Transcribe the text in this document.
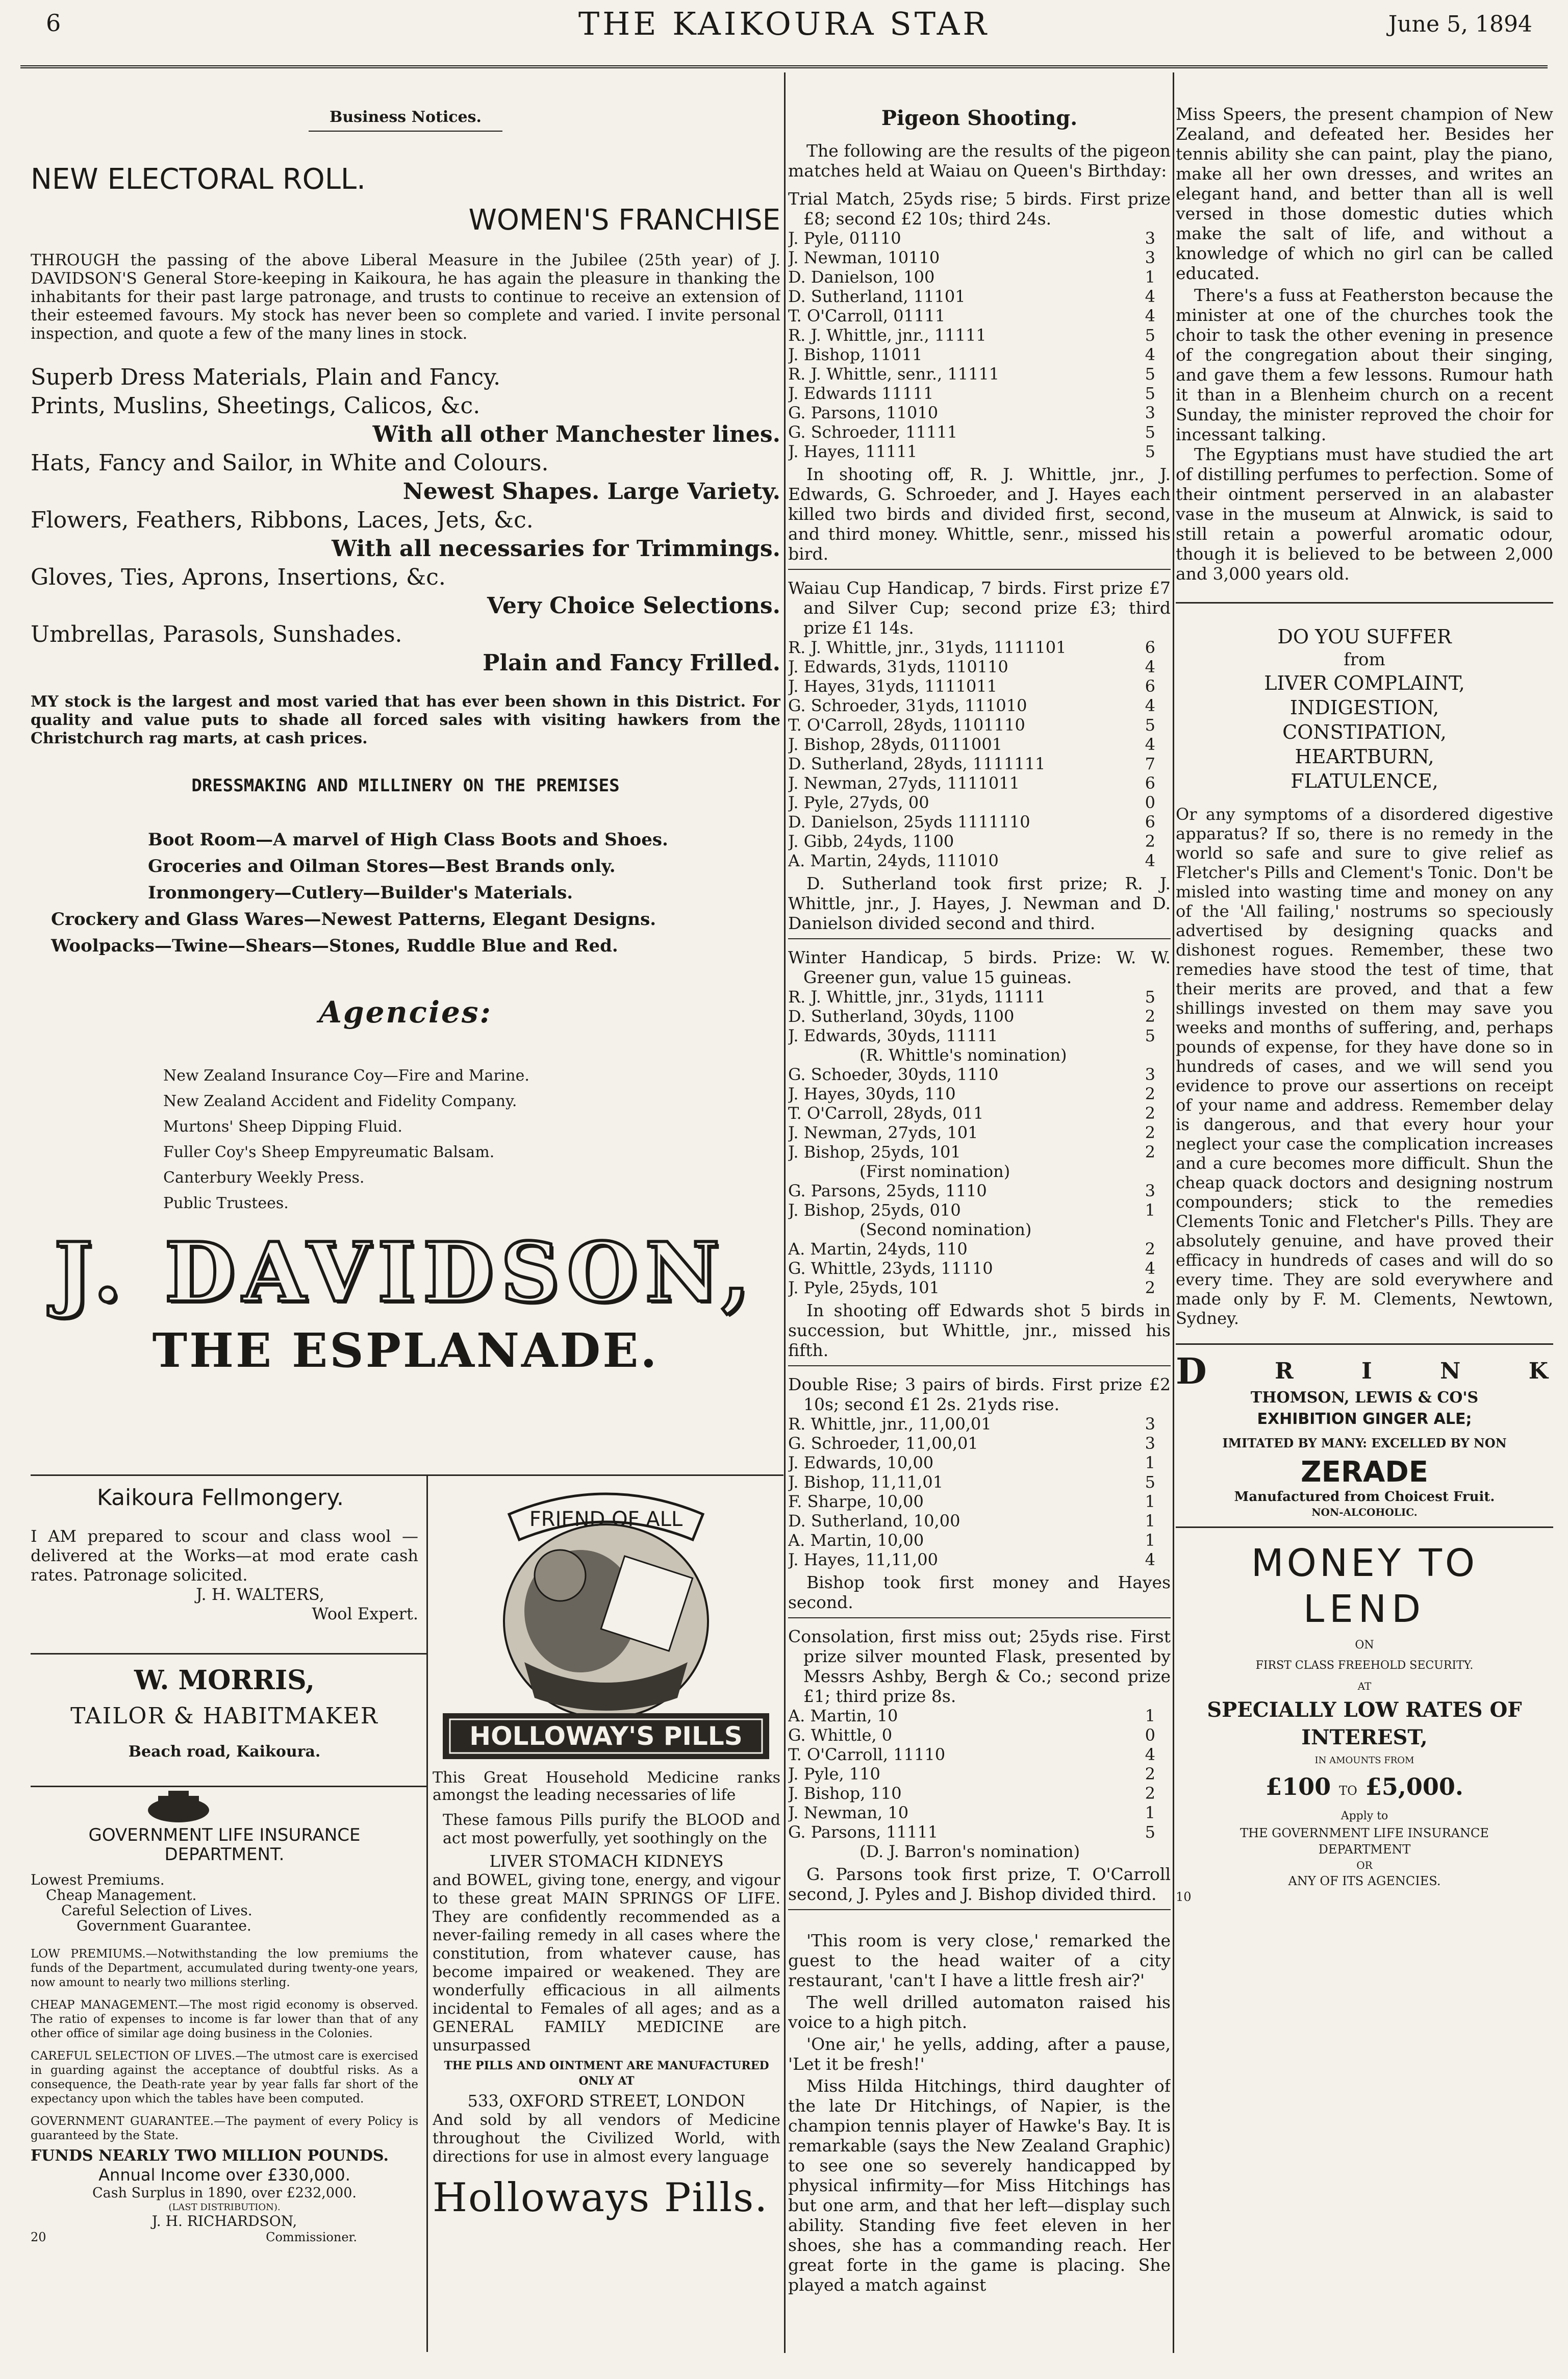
6	THE KAIKOURA STAR	June 5, 1894

Business Notices.

NEW ELECTORAL ROLL.

WOMEN'S FRANCHISE

THROUGH the passing of the above Liberal Measure in the Jubilee (25th year) of J. DAVIDSON'S General Store-keeping in Kaikoura, he has again the pleasure in thanking the inhabitants for their past large patronage, and trusts to continue to receive an extension of their esteemed favours. My stock has never been so complete and varied. I invite personal inspection, and quote a few of the many lines in stock.

Superb Dress Materials, Plain and Fancy.

Prints, Muslins, Sheetings, Calicos, &c.

With all other Manchester lines.

Hats, Fancy and Sailor, in White and Colours.

Newest Shapes. Large Variety.

Flowers, Feathers, Ribbons, Laces, Jets, &c.

With all necessaries for Trimmings.

Gloves, Ties, Aprons, Insertions, &c.

Very Choice Selections.

Umbrellas, Parasols, Sunshades.

Plain and Fancy Frilled.

MY stock is the largest and most varied that has ever been shown in this District. For quality and value puts to shade all forced sales with visiting hawkers from the Christchurch rag marts, at cash prices.

DRESSMAKING AND MILLINERY ON THE PREMISES

Boot Room—A marvel of High Class Boots and Shoes.

Groceries and Oilman Stores—Best Brands only.

Ironmongery—Cutlery—Builder's Materials.

Crockery and Glass Wares—Newest Patterns, Elegant Designs.

Woolpacks—Twine—Shears—Stones, Ruddle Blue and Red.

Agencies:

New Zealand Insurance Coy—Fire and Marine.

New Zealand Accident and Fidelity Company.

Murtons' Sheep Dipping Fluid.

Fuller Coy's Sheep Empyreumatic Balsam.

Canterbury Weekly Press.

Public Trustees.

J. DAVIDSON,

THE ESPLANADE.

Kaikoura Fellmongery.

I AM prepared to scour and class wool —delivered at the Works—at mod erate cash rates. Patronage solicited.

J. H. WALTERS,

Wool Expert.

W. MORRIS,

TAILOR & HABITMAKER

Beach road, Kaikoura.

GOVERNMENT LIFE INSURANCE DEPARTMENT.

Lowest Premiums.

Cheap Management.

Careful Selection of Lives.

Government Guarantee.

LOW PREMIUMS.—Notwithstanding the low premiums the funds of the Department, accumulated during twenty-one years, now amount to nearly two millions sterling.

CHEAP MANAGEMENT.—The most rigid economy is observed. The ratio of expenses to income is far lower than that of any other office of similar age doing business in the Colonies.

CAREFUL SELECTION OF LIVES.—The utmost care is exercised in guarding against the acceptance of doubtful risks. As a consequence, the Death-rate year by year falls far short of the expectancy upon which the tables have been computed.

GOVERNMENT GUARANTEE.—The payment of every Policy is guaranteed by the State.

FUNDS NEARLY TWO MILLION POUNDS.

Annual Income over £330,000.

Cash Surplus in 1890, over £232,000.

(LAST DISTRIBUTION).

J. H. RICHARDSON,

20	Commissioner.
FRIEND OF ALL
HOLLOWAY'S PILLS

This Great Household Medicine ranks amongst the leading necessaries of life

These famous Pills purify the BLOOD and act most powerfully, yet soothingly on the

LIVER STOMACH KIDNEYS

and BOWEL, giving tone, energy, and vigour to these great MAIN SPRINGS OF LIFE. They are confidently recommended as a never-failing remedy in all cases where the constitution, from whatever cause, has become impaired or weakened. They are wonderfully efficacious in all ailments incidental to Females of all ages; and as a GENERAL FAMILY MEDICINE are unsurpassed

THE PILLS AND OINTMENT ARE MANUFACTURED ONLY AT

533, OXFORD STREET, LONDON

And sold by all vendors of Medicine throughout the Civilized World, with directions for use in almost every language

Holloways Pills.

Pigeon Shooting.

The following are the results of the pigeon matches held at Waiau on Queen's Birthday:

Trial Match, 25yds rise; 5 birds. First prize £8; second £2 10s; third 24s.

J. Pyle, 01110	3
J. Newman, 10110	3
D. Danielson, 100	1
D. Sutherland, 11101	4
T. O'Carroll, 01111	4
R. J. Whittle, jnr., 11111	5
J. Bishop, 11011	4
R. J. Whittle, senr., 11111	5
J. Edwards 11111	5
G. Parsons, 11010	3
G. Schroeder, 11111	5
J. Hayes, 11111	5

In shooting off, R. J. Whittle, jnr., J. Edwards, G. Schroeder, and J. Hayes each killed two birds and divided first, second, and third money. Whittle, senr., missed his bird.

Waiau Cup Handicap, 7 birds. First prize £7 and Silver Cup; second prize £3; third prize £1 14s.

R. J. Whittle, jnr., 31yds, 1111101	6
J. Edwards, 31yds, 110110	4
J. Hayes, 31yds, 1111011	6
G. Schroeder, 31yds, 111010	4
T. O'Carroll, 28yds, 1101110	5
J. Bishop, 28yds, 0111001	4
D. Sutherland, 28yds, 1111111	7
J. Newman, 27yds, 1111011	6
J. Pyle, 27yds, 00	0
D. Danielson, 25yds 1111110	6
J. Gibb, 24yds, 1100	2
A. Martin, 24yds, 111010	4

D. Sutherland took first prize; R. J. Whittle, jnr., J. Hayes, J. Newman and D. Danielson divided second and third.

Winter Handicap, 5 birds. Prize: W. W. Greener gun, value 15 guineas.

R. J. Whittle, jnr., 31yds, 11111	5
D. Sutherland, 30yds, 1100	2
J. Edwards, 30yds, 11111	5
(R. Whittle's nomination)
G. Schoeder, 30yds, 1110	3
J. Hayes, 30yds, 110	2
T. O'Carroll, 28yds, 011	2
J. Newman, 27yds, 101	2
J. Bishop, 25yds, 101	2
(First nomination)
G. Parsons, 25yds, 1110	3
J. Bishop, 25yds, 010	1
(Second nomination)
A. Martin, 24yds, 110	2
G. Whittle, 23yds, 11110	4
J. Pyle, 25yds, 101	2

In shooting off Edwards shot 5 birds in succession, but Whittle, jnr., missed his fifth.

Double Rise; 3 pairs of birds. First prize £2 10s; second £1 2s. 21yds rise.

R. Whittle, jnr., 11,00,01	3
G. Schroeder, 11,00,01	3
J. Edwards, 10,00	1
J. Bishop, 11,11,01	5
F. Sharpe, 10,00	1
D. Sutherland, 10,00	1
A. Martin, 10,00	1
J. Hayes, 11,11,00	4

Bishop took first money and Hayes second.

Consolation, first miss out; 25yds rise. First prize silver mounted Flask, presented by Messrs Ashby, Bergh & Co.; second prize £1; third prize 8s.

A. Martin, 10	1
G. Whittle, 0	0
T. O'Carroll, 11110	4
J. Pyle, 110	2
J. Bishop, 110	2
J. Newman, 10	1
G. Parsons, 11111	5
(D. J. Barron's nomination)

G. Parsons took first prize, T. O'Carroll second, J. Pyles and J. Bishop divided third.

'This room is very close,' remarked the guest to the head waiter of a city restaurant, 'can't I have a little fresh air?'

The well drilled automaton raised his voice to a high pitch.

'One air,' he yells, adding, after a pause, 'Let it be fresh!'

Miss Hilda Hitchings, third daughter of the late Dr Hitchings, of Napier, is the champion tennis player of Hawke's Bay. It is remarkable (says the New Zealand Graphic) to see one so severely handicapped by physical infirmity—for Miss Hitchings has but one arm, and that her left—display such ability. Standing five feet eleven in her shoes, she has a commanding reach. Her great forte in the game is placing. She played a match against

Miss Speers, the present champion of New Zealand, and defeated her. Besides her tennis ability she can paint, play the piano, make all her own dresses, and writes an elegant hand, and better than all is well versed in those domestic duties which make the salt of life, and without a knowledge of which no girl can be called educated.

There's a fuss at Featherston because the minister at one of the churches took the choir to task the other evening in presence of the congregation about their singing, and gave them a few lessons. Rumour hath it than in a Blenheim church on a recent Sunday, the minister reproved the choir for incessant talking.

The Egyptians must have studied the art of distilling perfumes to perfection. Some of their ointment perserved in an alabaster vase in the museum at Alnwick, is said to still retain a powerful aromatic odour, though it is believed to be between 2,000 and 3,000 years old.

DO YOU SUFFER

from

LIVER COMPLAINT,

INDIGESTION,

CONSTIPATION,

HEARTBURN,

FLATULENCE,

Or any symptoms of a disordered digestive apparatus? If so, there is no remedy in the world so safe and sure to give relief as Fletcher's Pills and Clement's Tonic. Don't be misled into wasting time and money on any of the 'All failing,' nostrums so speciously advertised by designing quacks and dishonest rogues. Remember, these two remedies have stood the test of time, that their merits are proved, and that a few shillings invested on them may save you weeks and months of suffering, and, perhaps pounds of expense, for they have done so in hundreds of cases, and we will send you evidence to prove our assertions on receipt of your name and address. Remember delay is dangerous, and that every hour your neglect your case the complication increases and a cure becomes more difficult. Shun the cheap quack doctors and designing nostrum compounders; stick to the remedies Clements Tonic and Fletcher's Pills. They are absolutely genuine, and have proved their efficacy in hundreds of cases and will do so every time. They are sold everywhere and made only by F. M. Clements, Newtown, Sydney.

D	R	I	N	K

THOMSON, LEWIS & CO'S

EXHIBITION GINGER ALE;

IMITATED BY MANY: EXCELLED BY NON

ZERADE

Manufactured from Choicest Fruit.

NON-ALCOHOLIC.

MONEY TO

LEND

ON

FIRST CLASS FREEHOLD SECURITY.

AT

SPECIALLY LOW RATES OF

INTEREST,

IN AMOUNTS FROM

£100 TO £5,000.

Apply to

THE GOVERNMENT LIFE INSURANCE

DEPARTMENT

OR

ANY OF ITS AGENCIES.

10
